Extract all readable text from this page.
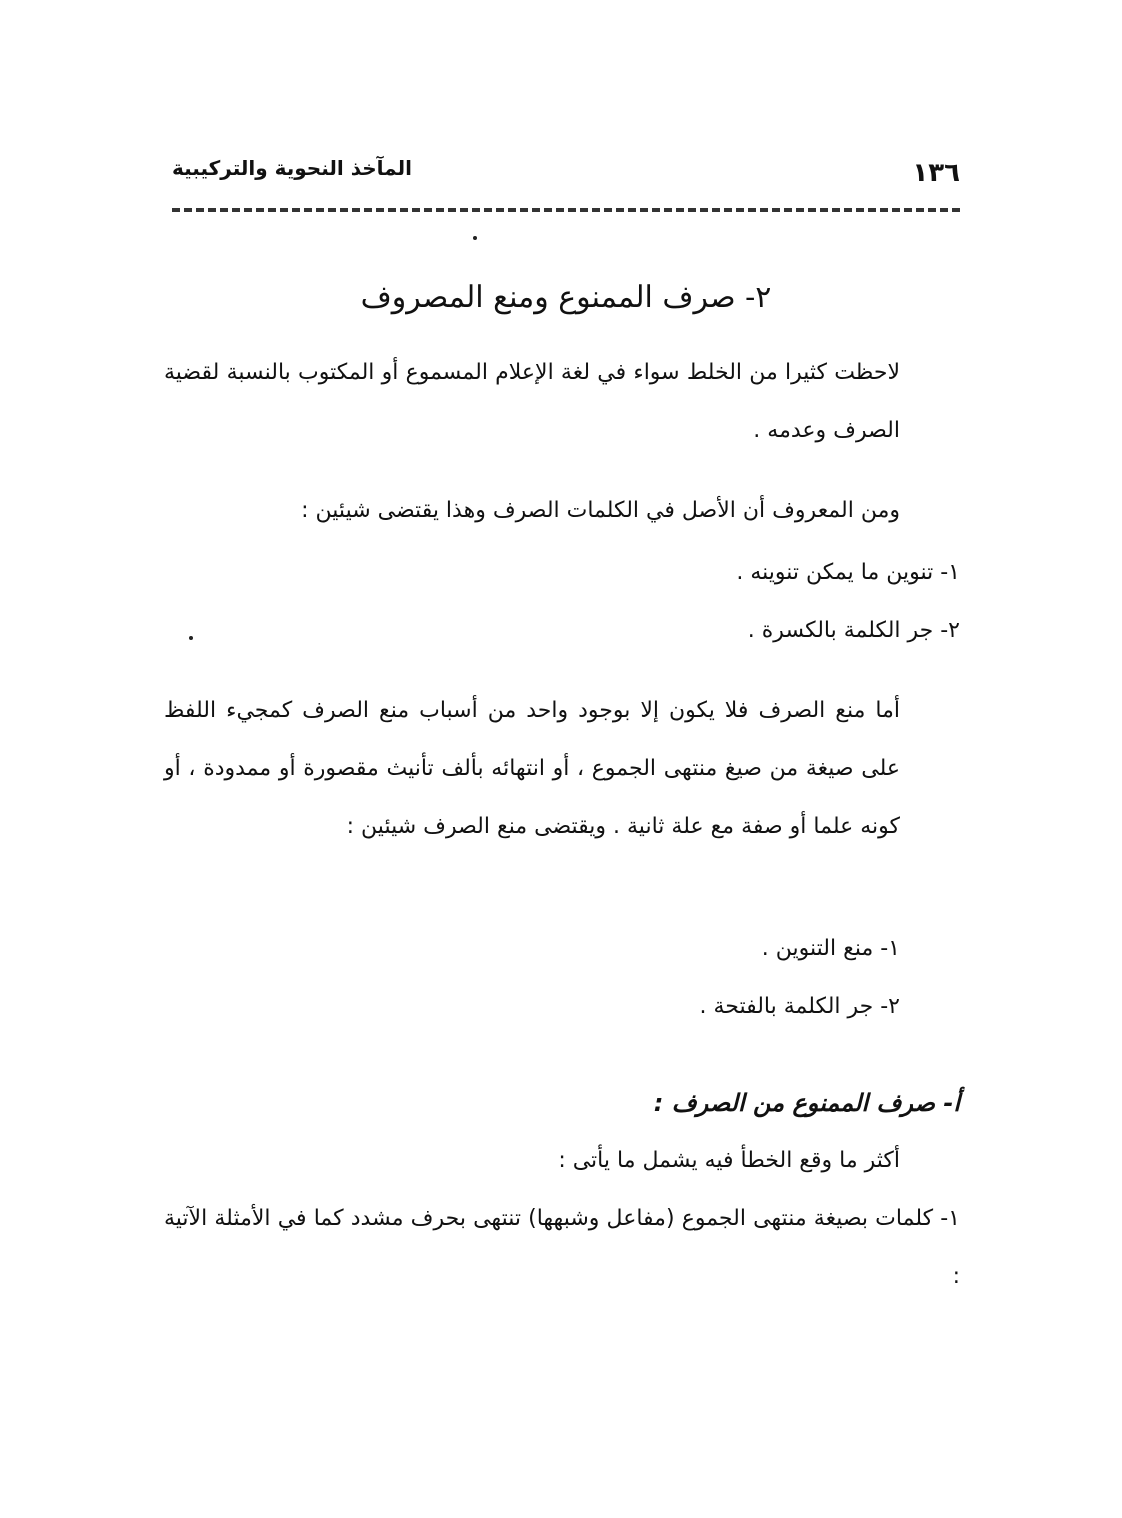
١٣٦
المآخذ النحوية والتركيبية
٢- صرف الممنوع ومنع المصروف

لاحظت كثيرا من الخلط سواء في لغة الإعلام المسموع أو المكتوب بالنسبة لقضية الصرف وعدمه .

ومن المعروف أن الأصل في الكلمات الصرف وهذا يقتضى شيئين :

١- تنوين ما يمكن تنوينه .

٢- جر الكلمة بالكسرة .

أما منع الصرف فلا يكون إلا بوجود واحد من أسباب منع الصرف كمجيء اللفظ على صيغة من صيغ منتهى الجموع ، أو انتهائه بألف تأنيث مقصورة أو ممدودة ، أو كونه علما أو صفة مع علة ثانية . ويقتضى منع الصرف شيئين :

١- منع التنوين .

٢- جر الكلمة بالفتحة .

أ- صرف الممنوع من الصرف :

أكثر ما وقع الخطأ فيه يشمل ما يأتى :

١- كلمات بصيغة منتهى الجموع (مفاعل وشبهها) تنتهى بحرف مشدد كما في الأمثلة الآتية :
